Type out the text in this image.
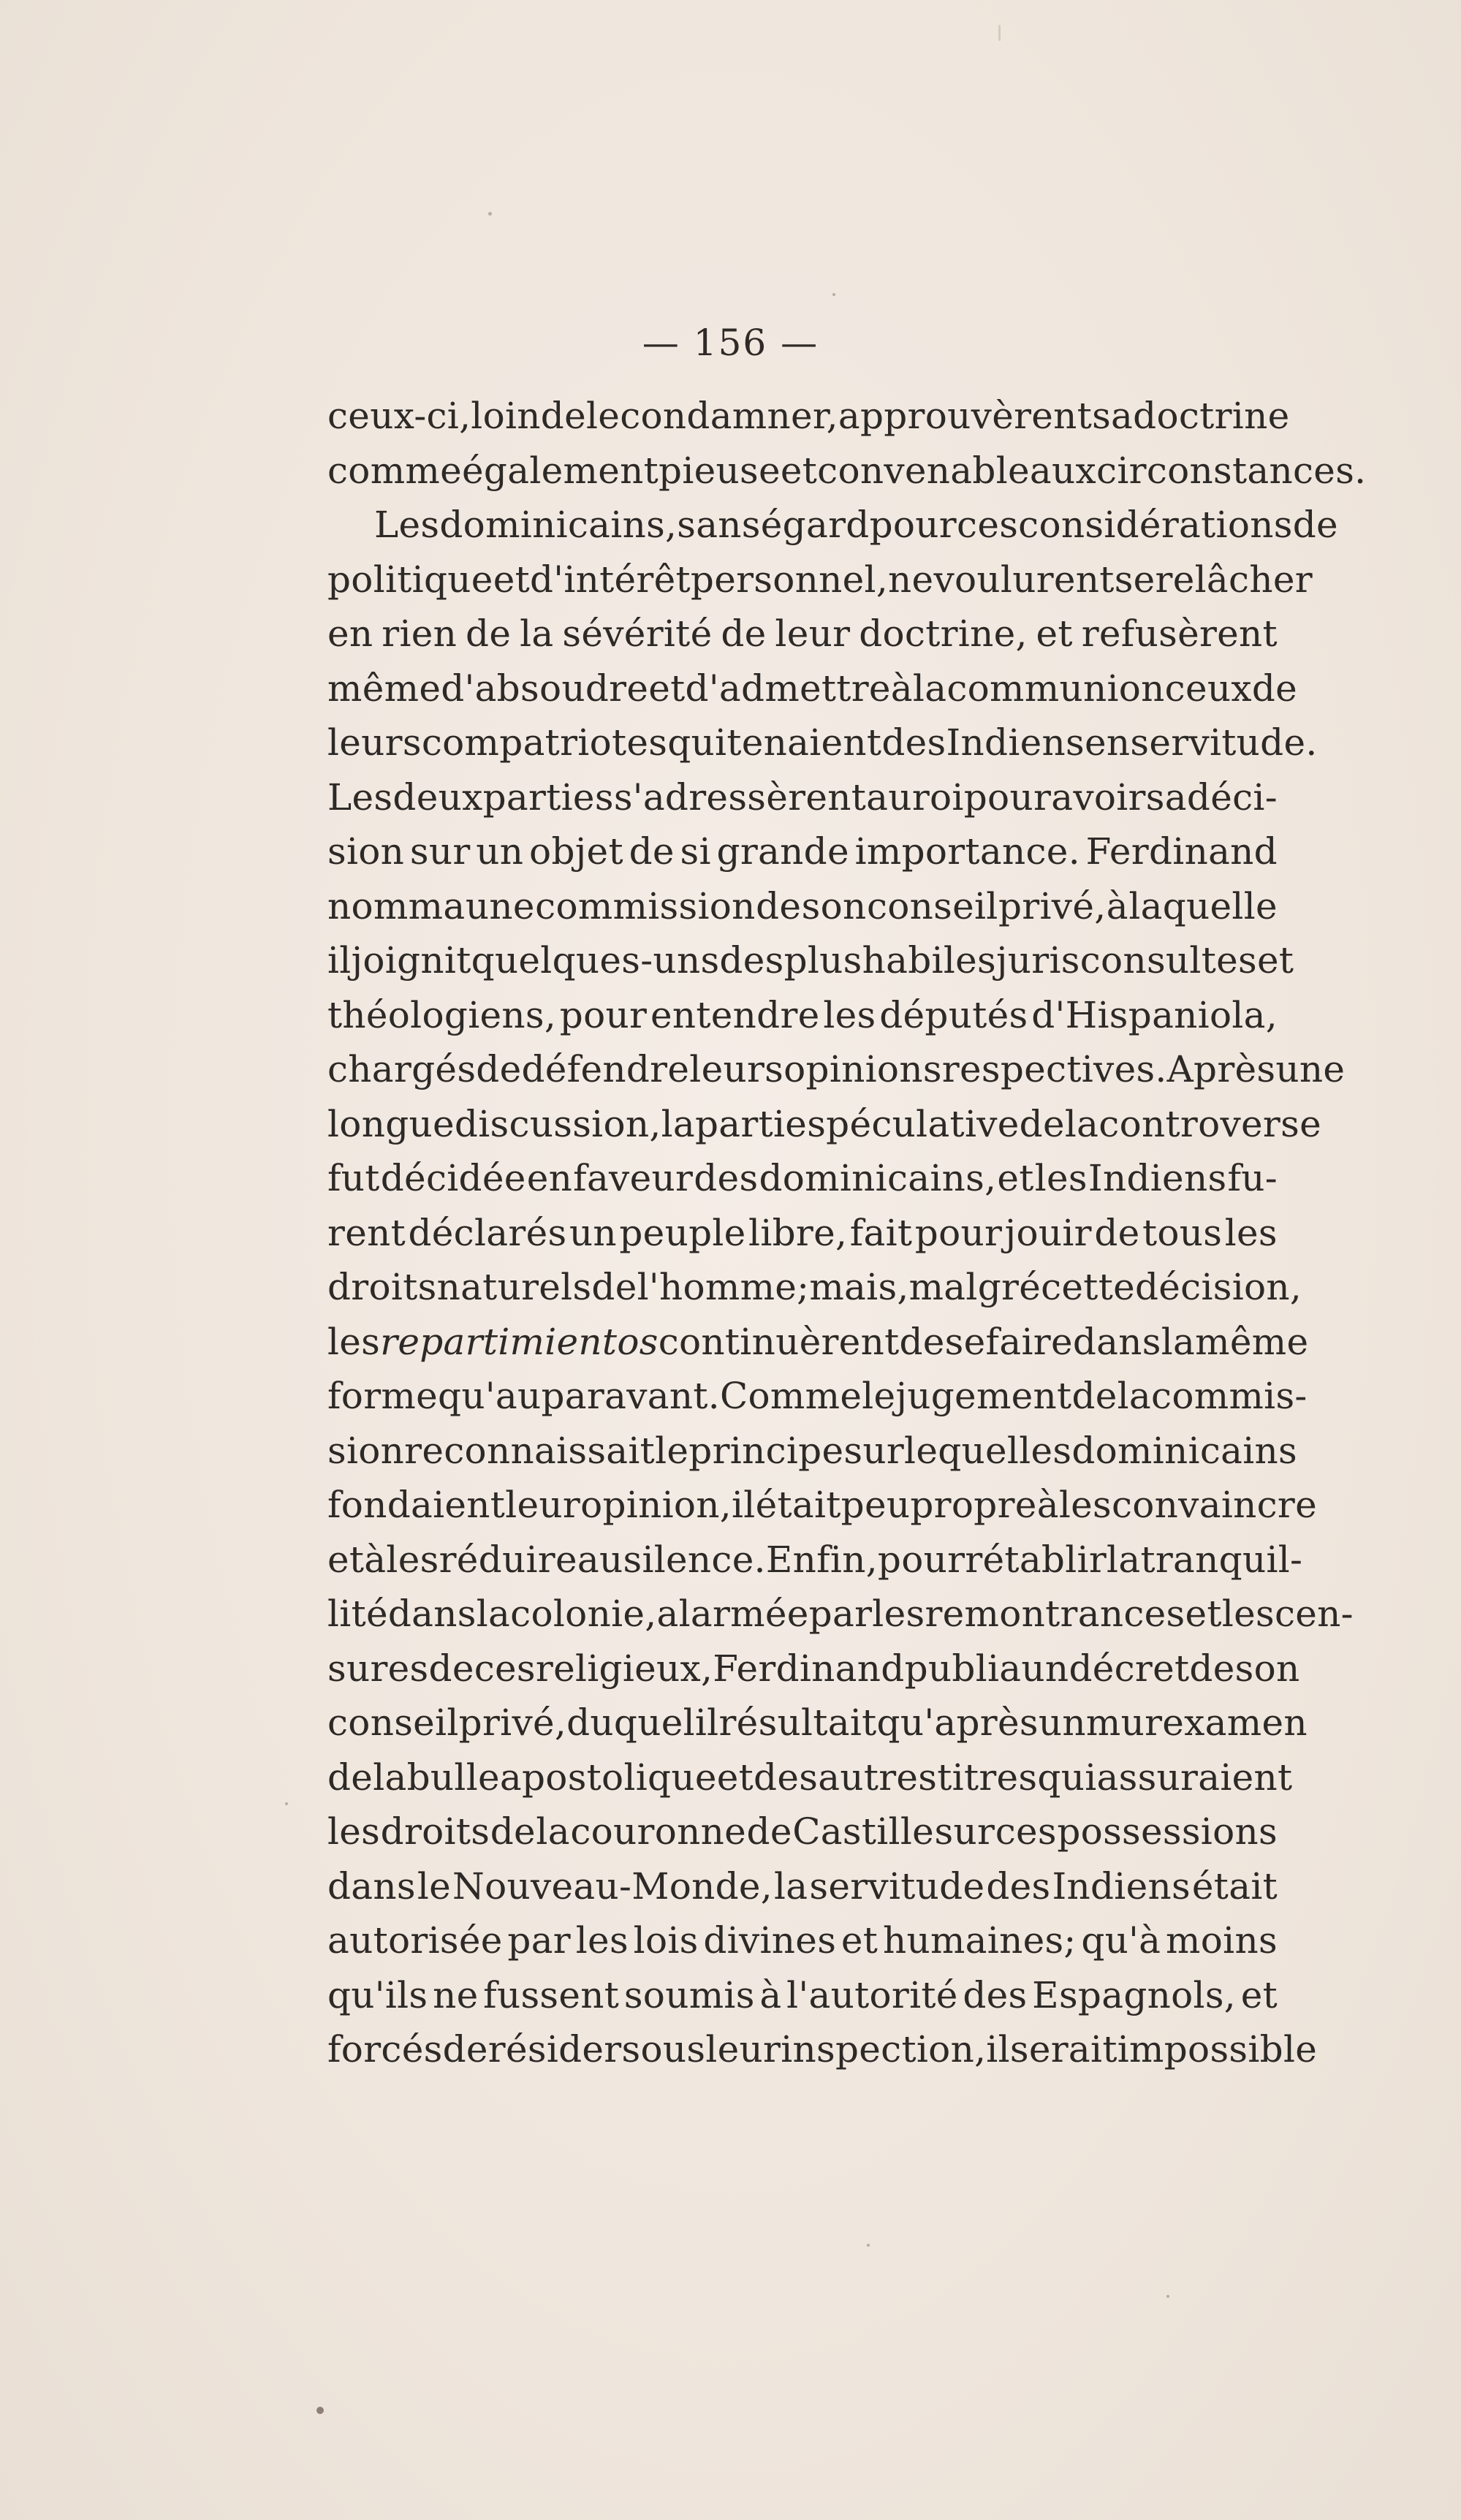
— 156 —
ceux-ci, loin de le condamner, approuvèrent sa doctrine
comme également pieuse et convenable aux circonstances.
Les dominicains, sans égard pour ces considérations de
politique et d'intérêt personnel, ne voulurent se relâcher
en rien de la sévérité de leur doctrine, et refusèrent
même d'absoudre et d'admettre à la communion ceux de
leurs compatriotes qui tenaient des Indiens en servitude.
Les deux parties s'adressèrent au roi pour avoir sa déci-
sion sur un objet de si grande importance. Ferdinand
nomma une commission de son conseil privé, à laquelle
il joignit quelques-uns des plus habiles jurisconsultes et
théologiens, pour entendre les députés d'Hispaniola,
chargés de défendre leurs opinions respectives. Après une
longue discussion, la partie spéculative de la controverse
fut décidée en faveur des dominicains, et les Indiens fu-
rent déclarés un peuple libre, fait pour jouir de tous les
droits naturels de l'homme; mais, malgré cette décision,
les repartimientos continuèrent de se faire dans la même
forme qu'auparavant. Comme le jugement de la commis-
sion reconnaissait le principe sur lequel les dominicains
fondaient leur opinion, il était peu propre à les convaincre
et à les réduire au silence. Enfin, pour rétablir la tranquil-
lité dans la colonie, alarmée par les remontrances et les cen-
sures de ces religieux, Ferdinand publia un décret de son
conseil privé, duquel il résultait qu'après un mur examen
de la bulle apostolique et des autres titres qui assuraient
les droits de la couronne de Castille sur ces possessions
dans le Nouveau-Monde, la servitude des Indiens était
autorisée par les lois divines et humaines; qu'à moins
qu'ils ne fussent soumis à l'autorité des Espagnols, et
forcés de résider sous leur inspection, il serait impossible
